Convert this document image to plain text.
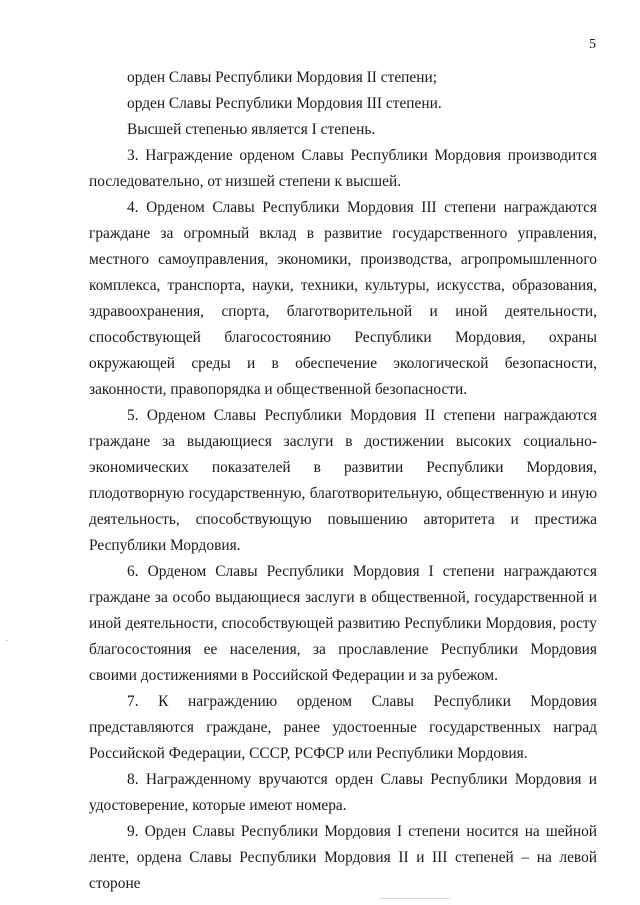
5

орден Славы Республики Мордовия II степени;

орден Славы Республики Мордовия III степени.

Высшей степенью является I степень.

3. Награждение орденом Славы Республики Мордовия производится последовательно, от низшей степени к высшей.

4. Орденом Славы Республики Мордовия III степени награждаются граждане за огромный вклад в развитие государственного управления, местного самоуправления, экономики, производства, агропромышленного комплекса, транспорта, науки, техники, культуры, искусства, образования, здравоохранения, спорта, благотворительной и иной деятельности, способствующей благосостоянию Республики Мордовия, охраны окружающей среды и в обеспечение экологической безопасности, законности, правопорядка и общественной безопасности.

5. Орденом Славы Республики Мордовия II степени награждаются граждане за выдающиеся заслуги в достижении высоких социально-экономических показателей в развитии Республики Мордовия, плодотворную государственную, благотворительную, общественную и иную деятельность, способствующую повышению авторитета и престижа Республики Мордовия.

6. Орденом Славы Республики Мордовия I степени награждаются граждане за особо выдающиеся заслуги в общественной, государственной и иной деятельности, способствующей развитию Республики Мордовия, росту благосостояния ее населения, за прославление Республики Мордовия своими достижениями в Российской Федерации и за рубежом.

7. К награждению орденом Славы Республики Мордовия представляются граждане, ранее удостоенные государственных наград Российской Федерации, СССР, РСФСР или Республики Мордовия.

8. Награжденному вручаются орден Славы Республики Мордовия и удостоверение, которые имеют номера.

9. Орден Славы Республики Мордовия I степени носится на шейной ленте, ордена Славы Республики Мордовия II и III степеней – на левой стороне
